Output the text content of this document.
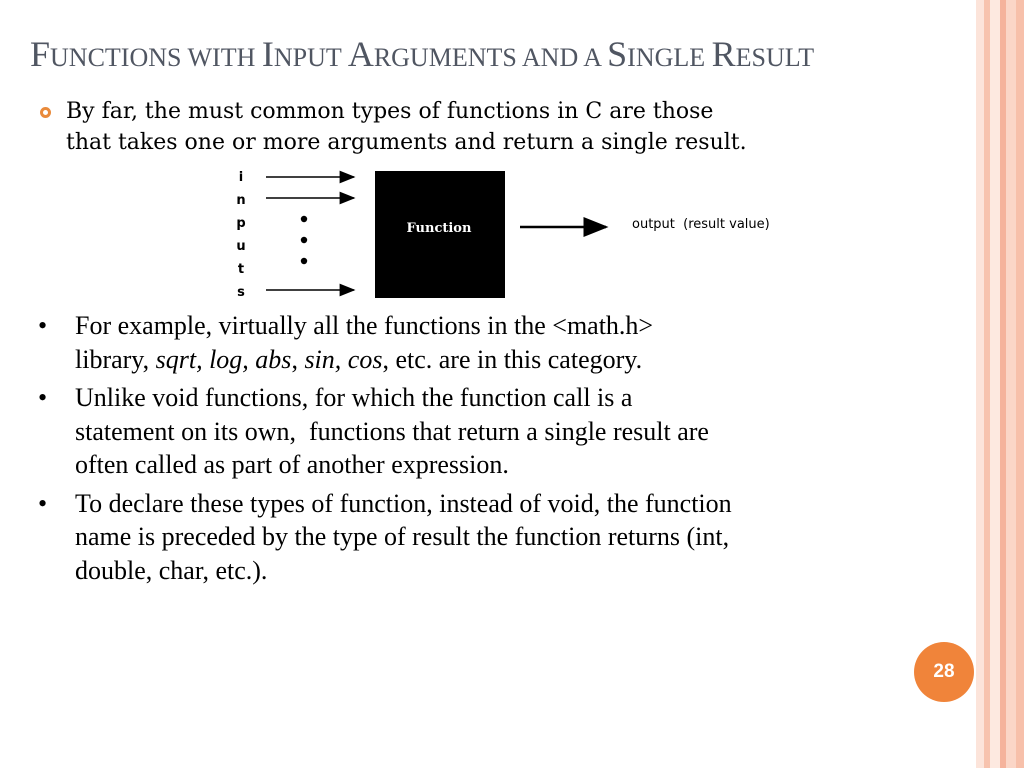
FUNCTIONS WITH INPUT ARGUMENTS AND A SINGLE RESULT
By far, the must common types of functions in C are those
that takes one or more arguments and return a single result.
i
n
p
u
t
s
Function	output  (result value)
• For example, virtually all the functions in the <math.h>
library, sqrt, log, abs, sin, cos, etc. are in this category.
• Unlike void functions, for which the function call is a
statement on its own,  functions that return a single result are
often called as part of another expression.
• To declare these types of function, instead of void, the function
name is preceded by the type of result the function returns (int,
double, char, etc.).
28
